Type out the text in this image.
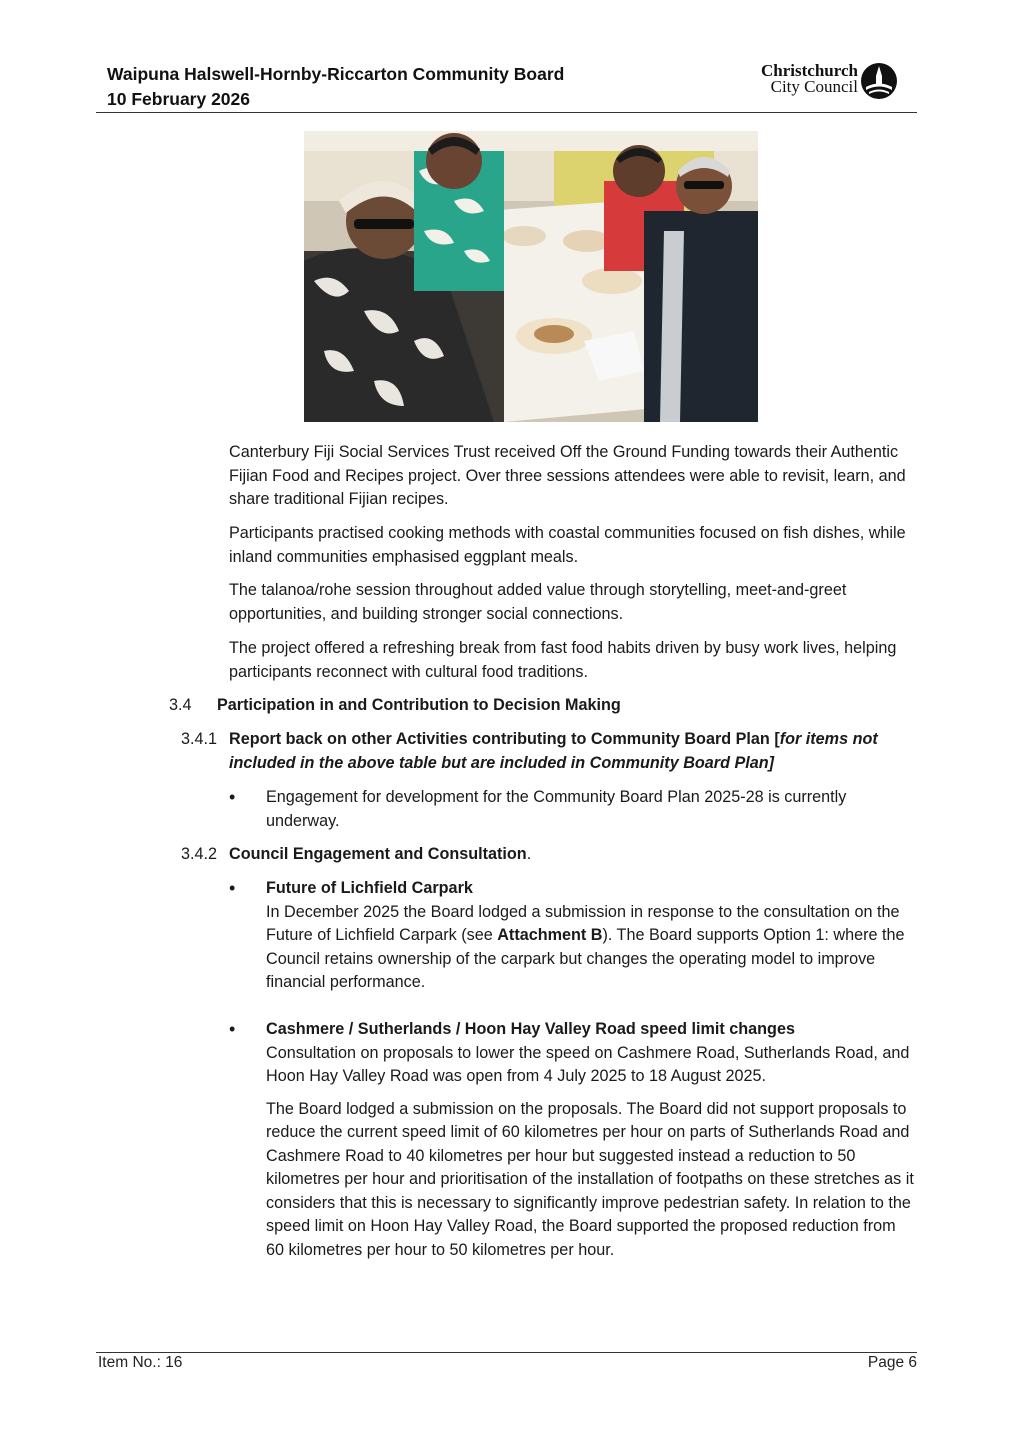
Waipuna Halswell-Hornby-Riccarton Community Board
10 February 2026
Christchurch
City Council
Canterbury Fiji Social Services Trust received Off the Ground Funding towards their Authentic Fijian Food and Recipes project. Over three sessions attendees were able to revisit, learn, and share traditional Fijian recipes.
Participants practised cooking methods with coastal communities focused on fish dishes, while inland communities emphasised eggplant meals.
The talanoa/rohe session throughout added value through storytelling, meet-and-greet opportunities, and building stronger social connections.
The project offered a refreshing break from fast food habits driven by busy work lives, helping participants reconnect with cultural food traditions.
3.4 Participation in and Contribution to Decision Making
3.4.1 Report back on other Activities contributing to Community Board Plan [for items not included in the above table but are included in Community Board Plan]
• Engagement for development for the Community Board Plan 2025-28 is currently underway.
3.4.2 Council Engagement and Consultation.
• Future of Lichfield Carpark
In December 2025 the Board lodged a submission in response to the consultation on the Future of Lichfield Carpark (see Attachment B). The Board supports Option 1: where the Council retains ownership of the carpark but changes the operating model to improve financial performance.
• Cashmere / Sutherlands / Hoon Hay Valley Road speed limit changes
Consultation on proposals to lower the speed on Cashmere Road, Sutherlands Road, and Hoon Hay Valley Road was open from 4 July 2025 to 18 August 2025.
The Board lodged a submission on the proposals. The Board did not support proposals to reduce the current speed limit of 60 kilometres per hour on parts of Sutherlands Road and Cashmere Road to 40 kilometres per hour but suggested instead a reduction to 50 kilometres per hour and prioritisation of the installation of footpaths on these stretches as it considers that this is necessary to significantly improve pedestrian safety. In relation to the speed limit on Hoon Hay Valley Road, the Board supported the proposed reduction from 60 kilometres per hour to 50 kilometres per hour.
Item No.: 16	Page 6
